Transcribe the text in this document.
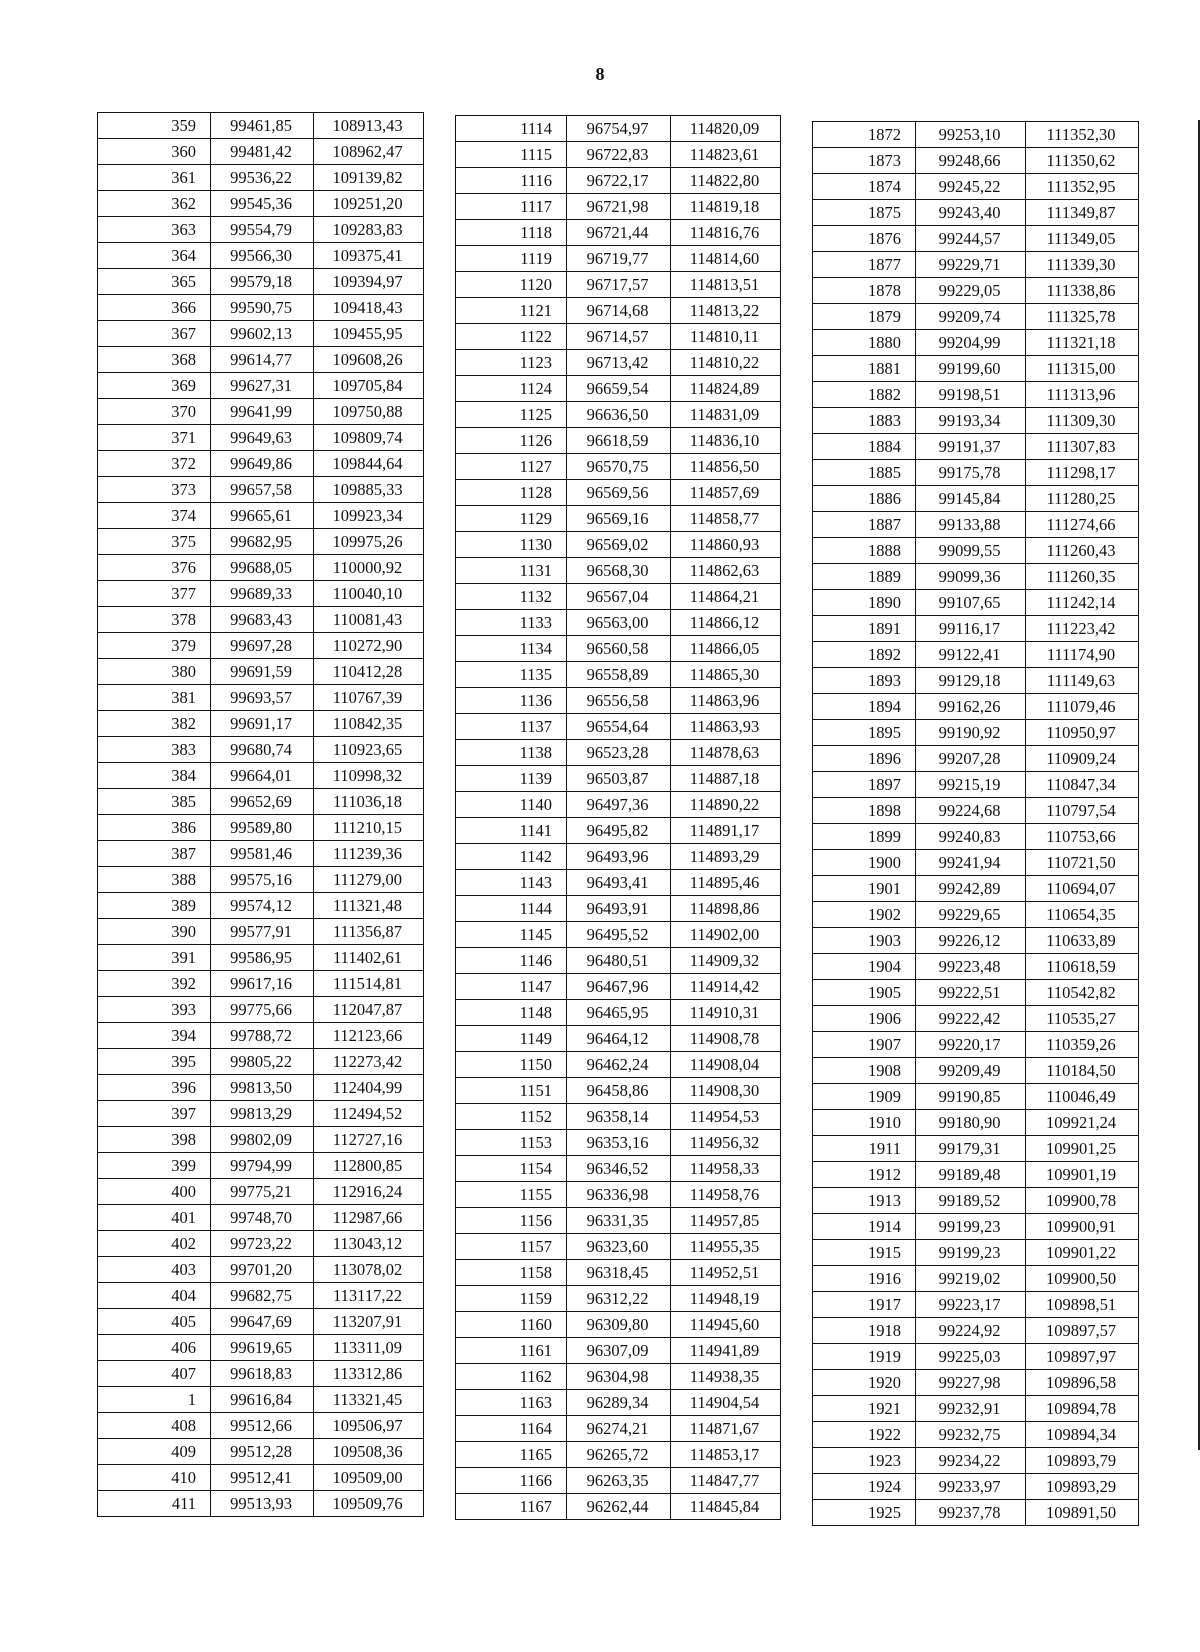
8
359	99461,85	108913,43
360	99481,42	108962,47
361	99536,22	109139,82
362	99545,36	109251,20
363	99554,79	109283,83
364	99566,30	109375,41
365	99579,18	109394,97
366	99590,75	109418,43
367	99602,13	109455,95
368	99614,77	109608,26
369	99627,31	109705,84
370	99641,99	109750,88
371	99649,63	109809,74
372	99649,86	109844,64
373	99657,58	109885,33
374	99665,61	109923,34
375	99682,95	109975,26
376	99688,05	110000,92
377	99689,33	110040,10
378	99683,43	110081,43
379	99697,28	110272,90
380	99691,59	110412,28
381	99693,57	110767,39
382	99691,17	110842,35
383	99680,74	110923,65
384	99664,01	110998,32
385	99652,69	111036,18
386	99589,80	111210,15
387	99581,46	111239,36
388	99575,16	111279,00
389	99574,12	111321,48
390	99577,91	111356,87
391	99586,95	111402,61
392	99617,16	111514,81
393	99775,66	112047,87
394	99788,72	112123,66
395	99805,22	112273,42
396	99813,50	112404,99
397	99813,29	112494,52
398	99802,09	112727,16
399	99794,99	112800,85
400	99775,21	112916,24
401	99748,70	112987,66
402	99723,22	113043,12
403	99701,20	113078,02
404	99682,75	113117,22
405	99647,69	113207,91
406	99619,65	113311,09
407	99618,83	113312,86
1	99616,84	113321,45
408	99512,66	109506,97
409	99512,28	109508,36
410	99512,41	109509,00
411	99513,93	109509,76
1114	96754,97	114820,09
1115	96722,83	114823,61
1116	96722,17	114822,80
1117	96721,98	114819,18
1118	96721,44	114816,76
1119	96719,77	114814,60
1120	96717,57	114813,51
1121	96714,68	114813,22
1122	96714,57	114810,11
1123	96713,42	114810,22
1124	96659,54	114824,89
1125	96636,50	114831,09
1126	96618,59	114836,10
1127	96570,75	114856,50
1128	96569,56	114857,69
1129	96569,16	114858,77
1130	96569,02	114860,93
1131	96568,30	114862,63
1132	96567,04	114864,21
1133	96563,00	114866,12
1134	96560,58	114866,05
1135	96558,89	114865,30
1136	96556,58	114863,96
1137	96554,64	114863,93
1138	96523,28	114878,63
1139	96503,87	114887,18
1140	96497,36	114890,22
1141	96495,82	114891,17
1142	96493,96	114893,29
1143	96493,41	114895,46
1144	96493,91	114898,86
1145	96495,52	114902,00
1146	96480,51	114909,32
1147	96467,96	114914,42
1148	96465,95	114910,31
1149	96464,12	114908,78
1150	96462,24	114908,04
1151	96458,86	114908,30
1152	96358,14	114954,53
1153	96353,16	114956,32
1154	96346,52	114958,33
1155	96336,98	114958,76
1156	96331,35	114957,85
1157	96323,60	114955,35
1158	96318,45	114952,51
1159	96312,22	114948,19
1160	96309,80	114945,60
1161	96307,09	114941,89
1162	96304,98	114938,35
1163	96289,34	114904,54
1164	96274,21	114871,67
1165	96265,72	114853,17
1166	96263,35	114847,77
1167	96262,44	114845,84
1872	99253,10	111352,30
1873	99248,66	111350,62
1874	99245,22	111352,95
1875	99243,40	111349,87
1876	99244,57	111349,05
1877	99229,71	111339,30
1878	99229,05	111338,86
1879	99209,74	111325,78
1880	99204,99	111321,18
1881	99199,60	111315,00
1882	99198,51	111313,96
1883	99193,34	111309,30
1884	99191,37	111307,83
1885	99175,78	111298,17
1886	99145,84	111280,25
1887	99133,88	111274,66
1888	99099,55	111260,43
1889	99099,36	111260,35
1890	99107,65	111242,14
1891	99116,17	111223,42
1892	99122,41	111174,90
1893	99129,18	111149,63
1894	99162,26	111079,46
1895	99190,92	110950,97
1896	99207,28	110909,24
1897	99215,19	110847,34
1898	99224,68	110797,54
1899	99240,83	110753,66
1900	99241,94	110721,50
1901	99242,89	110694,07
1902	99229,65	110654,35
1903	99226,12	110633,89
1904	99223,48	110618,59
1905	99222,51	110542,82
1906	99222,42	110535,27
1907	99220,17	110359,26
1908	99209,49	110184,50
1909	99190,85	110046,49
1910	99180,90	109921,24
1911	99179,31	109901,25
1912	99189,48	109901,19
1913	99189,52	109900,78
1914	99199,23	109900,91
1915	99199,23	109901,22
1916	99219,02	109900,50
1917	99223,17	109898,51
1918	99224,92	109897,57
1919	99225,03	109897,97
1920	99227,98	109896,58
1921	99232,91	109894,78
1922	99232,75	109894,34
1923	99234,22	109893,79
1924	99233,97	109893,29
1925	99237,78	109891,50
